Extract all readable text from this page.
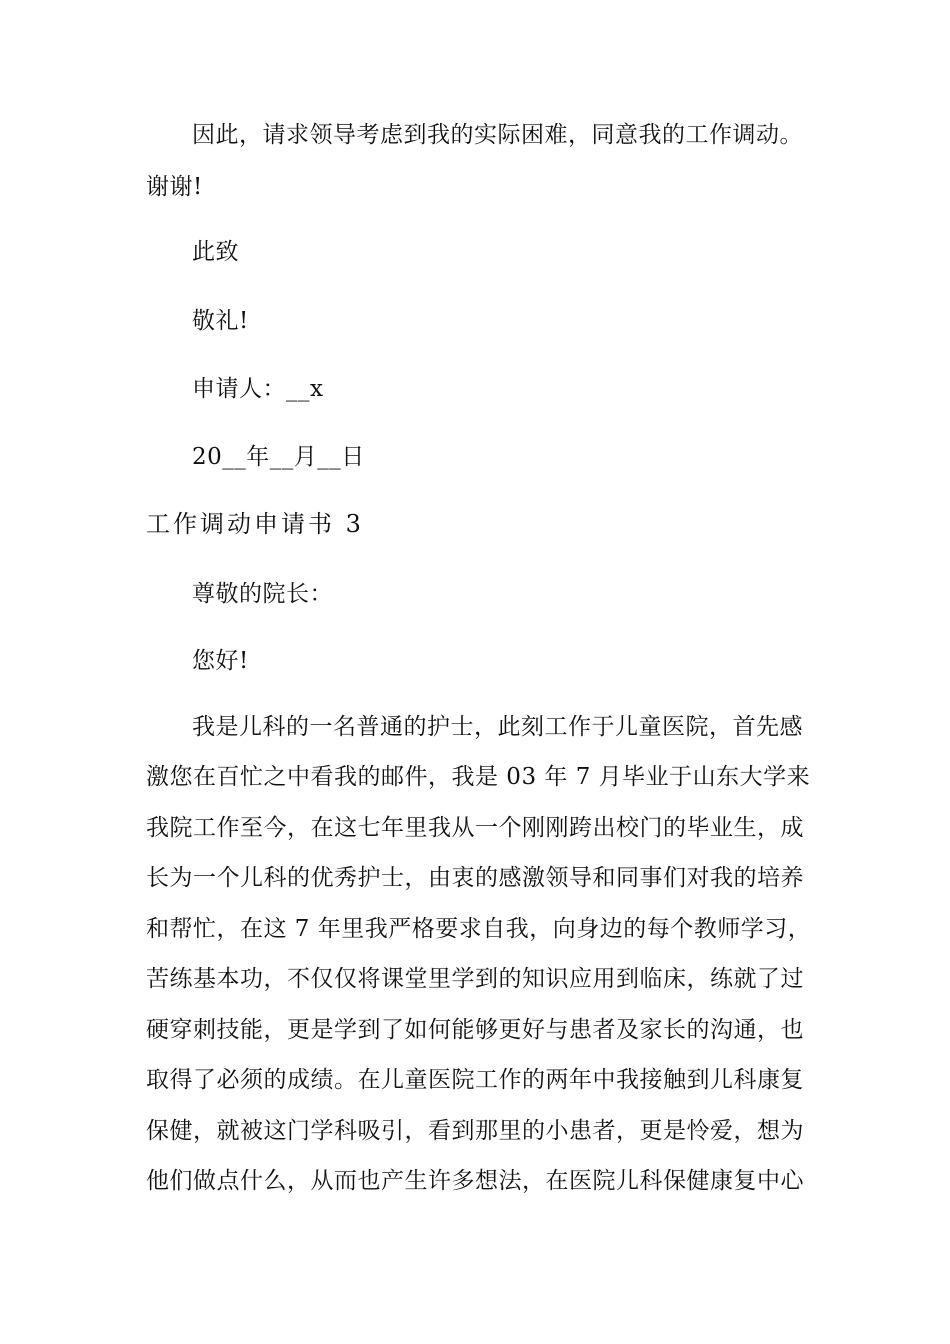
因此，请求领导考虑到我的实际困难，同意我的工作调动。
谢谢!
此致
敬礼!
申请人：__x
20__年__月__日
工作调动申请书 3
尊敬的院长：
您好!
我是儿科的一名普通的护士，此刻工作于儿童医院，首先感
激您在百忙之中看我的邮件，我是 03 年 7 月毕业于山东大学来
我院工作至今，在这七年里我从一个刚刚跨出校门的毕业生，成
长为一个儿科的优秀护士，由衷的感激领导和同事们对我的培养
和帮忙，在这 7 年里我严格要求自我，向身边的每个教师学习，
苦练基本功，不仅仅将课堂里学到的知识应用到临床，练就了过
硬穿刺技能，更是学到了如何能够更好与患者及家长的沟通，也
取得了必须的成绩。在儿童医院工作的两年中我接触到儿科康复
保健，就被这门学科吸引，看到那里的小患者，更是怜爱，想为
他们做点什么，从而也产生许多想法，在医院儿科保健康复中心
